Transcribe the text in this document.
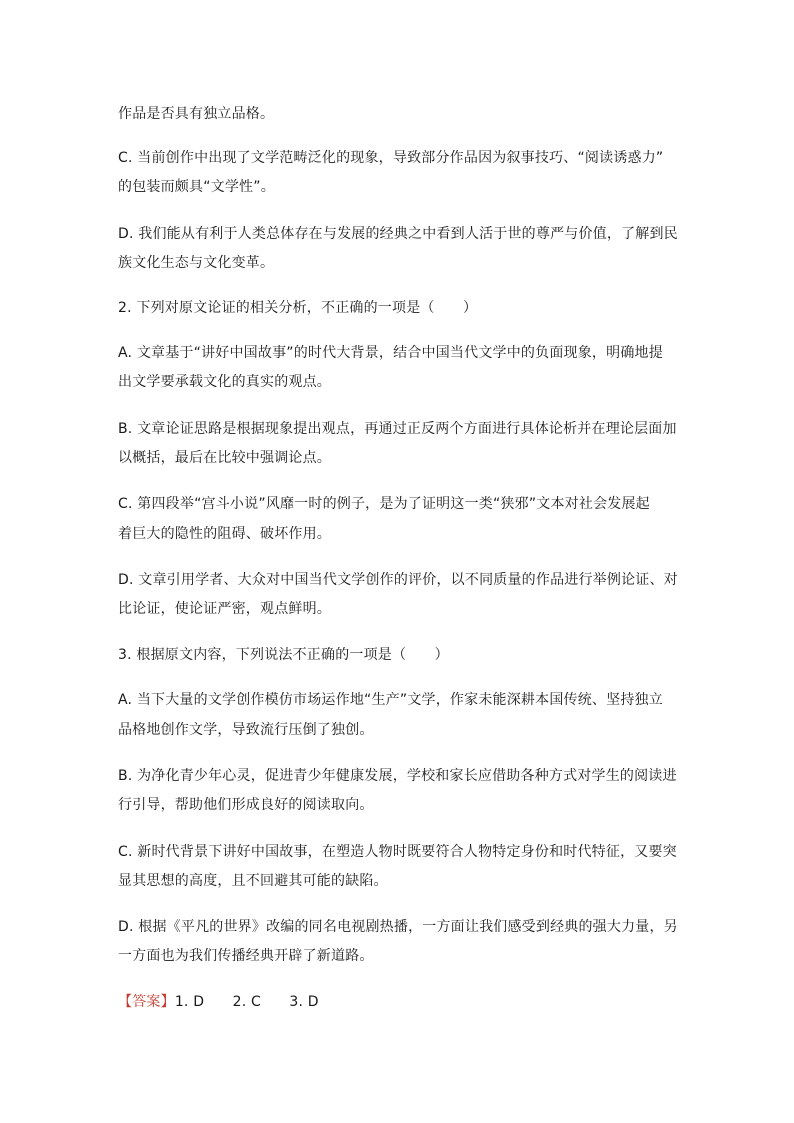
作品是否具有独立品格。

C. 当前创作中出现了文学范畴泛化的现象，导致部分作品因为叙事技巧、“阅读诱惑力”

的包装而颇具“文学性”。

D. 我们能从有利于人类总体存在与发展的经典之中看到人活于世的尊严与价值，了解到民

族文化生态与文化变革。

2. 下列对原文论证的相关分析，不正确的一项是（　　）

A. 文章基于“讲好中国故事”的时代大背景，结合中国当代文学中的负面现象，明确地提

出文学要承载文化的真实的观点。

B. 文章论证思路是根据现象提出观点，再通过正反两个方面进行具体论析并在理论层面加

以概括，最后在比较中强调论点。

C. 第四段举“宫斗小说”风靡一时的例子，是为了证明这一类“狭邪”文本对社会发展起

着巨大的隐性的阻碍、破坏作用。

D. 文章引用学者、大众对中国当代文学创作的评价，以不同质量的作品进行举例论证、对

比论证，使论证严密，观点鲜明。

3. 根据原文内容，下列说法不正确的一项是（　　）

A. 当下大量的文学创作模仿市场运作地“生产”文学，作家未能深耕本国传统、坚持独立

品格地创作文学，导致流行压倒了独创。

B. 为净化青少年心灵，促进青少年健康发展，学校和家长应借助各种方式对学生的阅读进

行引导，帮助他们形成良好的阅读取向。

C. 新时代背景下讲好中国故事，在塑造人物时既要符合人物特定身份和时代特征，又要突

显其思想的高度，且不回避其可能的缺陷。

D. 根据《平凡的世界》改编的同名电视剧热播，一方面让我们感受到经典的强大力量，另

一方面也为我们传播经典开辟了新道路。

【答案】1. D　　2. C　　3. D
